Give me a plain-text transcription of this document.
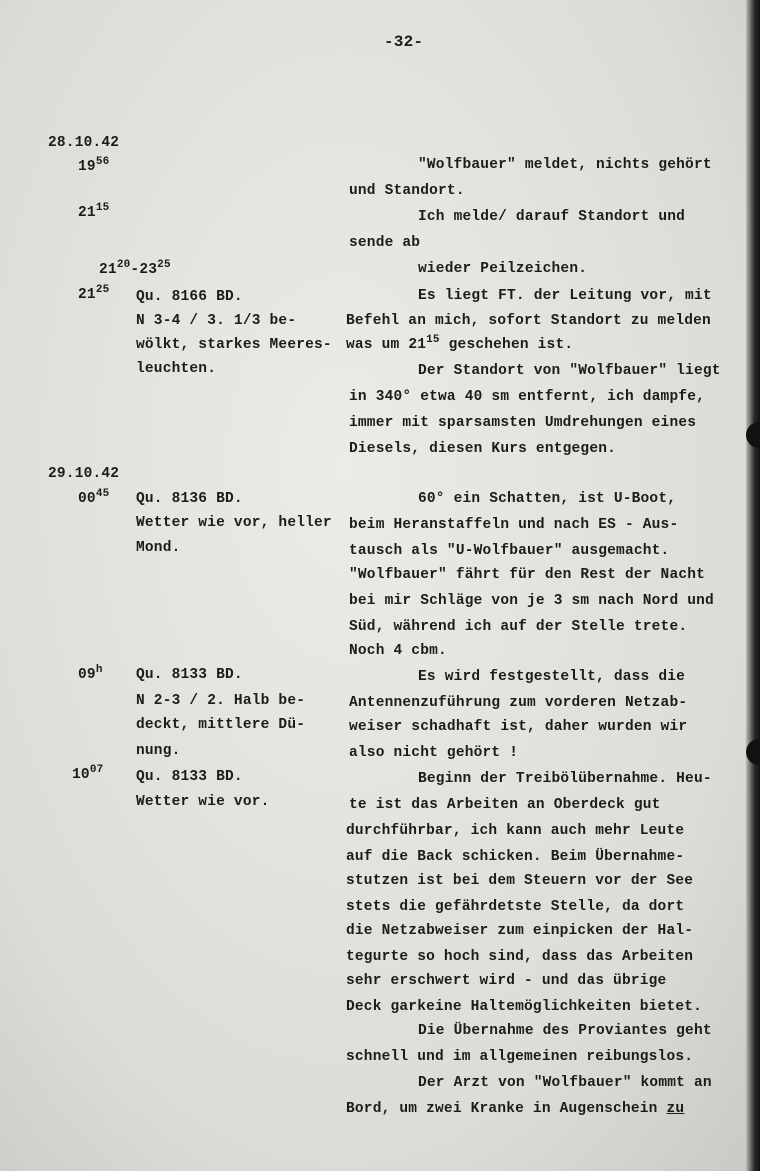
-32-
28.10.42
$19^{56}$
$21^{15}$
$21^{20}-23^{25}$
$21^{25}$
29.10.42
$00^{45}$
09$^h$
$10^{07}$
Qu. 8166 BD.
N 3-4 / 3. 1/3 be-
wölkt, starkes Meeres-
leuchten.
Qu. 8136 BD.
Wetter wie vor, heller
Mond.
Qu. 8133 BD.
N 2-3 / 2. Halb be-
deckt, mittlere Dü-
nung.
Qu. 8133 BD.
Wetter wie vor.
"Wolfbauer" meldet, nichts gehört
und Standort.
Ich melde/ darauf Standort und
sende ab
wieder Peilzeichen.
Es liegt FT. der Leitung vor, mit
Befehl an mich, sofort Standort zu melden
was um $21^{15}$ geschehen ist.
Der Standort von "Wolfbauer" liegt
in 340° etwa 40 sm entfernt, ich dampfe,
immer mit sparsamsten Umdrehungen eines
Diesels, diesen Kurs entgegen.
60° ein Schatten, ist U-Boot,
beim Heranstaffeln und nach ES - Aus-
tausch als "U-Wolfbauer" ausgemacht.
"Wolfbauer" fährt für den Rest der Nacht
bei mir Schläge von je 3 sm nach Nord und
Süd, während ich auf der Stelle trete.
Noch 4 cbm.
Es wird festgestellt, dass die
Antennenzuführung zum vorderen Netzab-
weiser schadhaft ist, daher wurden wir
also nicht gehört !
Beginn der Treibölübernahme. Heu-
te ist das Arbeiten an Oberdeck gut
durchführbar, ich kann auch mehr Leute
auf die Back schicken. Beim Übernahme-
stutzen ist bei dem Steuern vor der See
stets die gefährdetste Stelle, da dort
die Netzabweiser zum einpicken der Hal-
tegurte so hoch sind, dass das Arbeiten
sehr erschwert wird - und das übrige
Deck garkeine Haltemöglichkeiten bietet.
Die Übernahme des Proviantes geht
schnell und im allgemeinen reibungslos.
Der Arzt von "Wolfbauer" kommt an
Bord, um zwei Kranke in Augenschein zu
